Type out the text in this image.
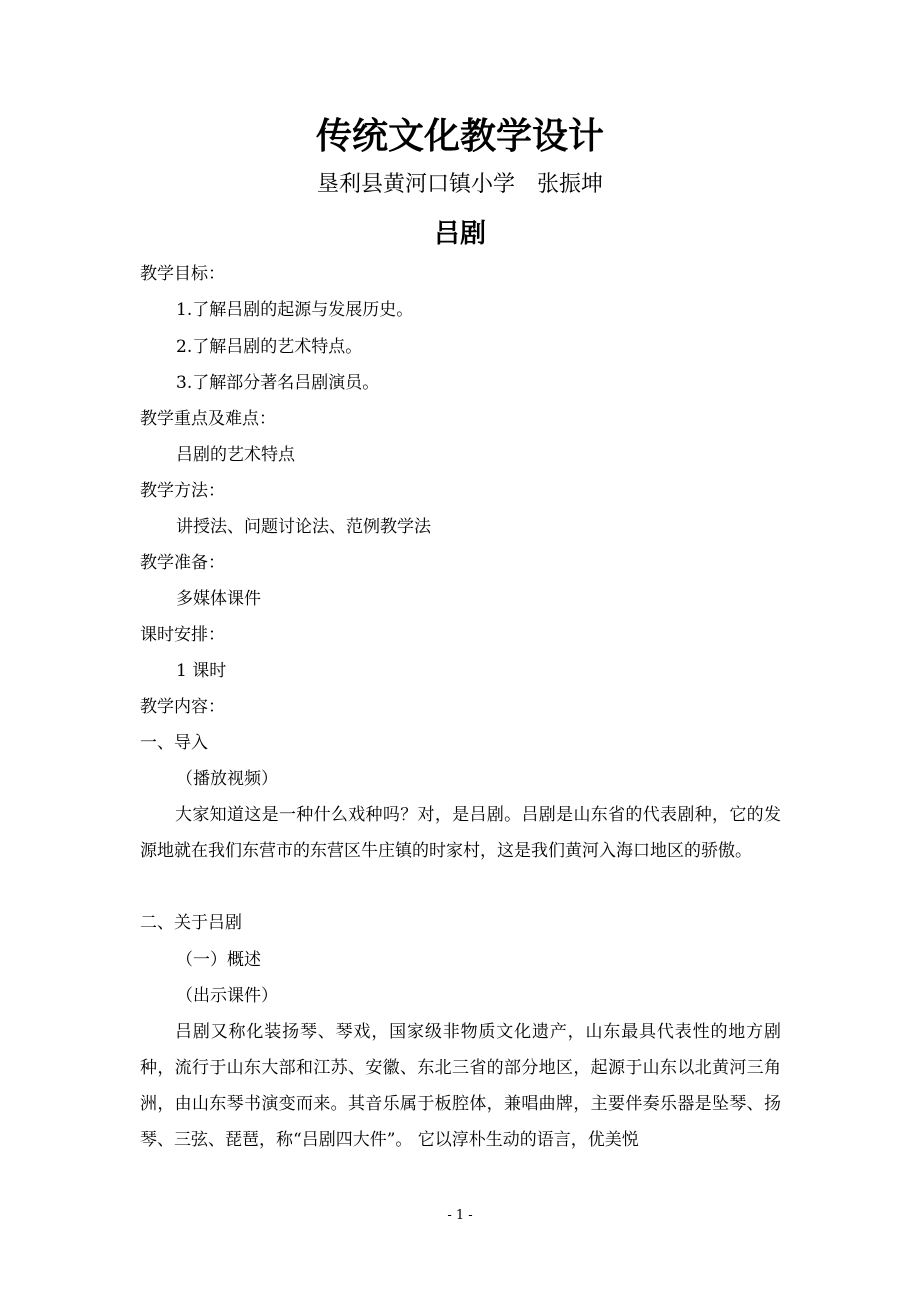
传统文化教学设计
垦利县黄河口镇小学　张振坤
吕剧
教学目标：
1.了解吕剧的起源与发展历史。
2.了解吕剧的艺术特点。
3.了解部分著名吕剧演员。
教学重点及难点：
吕剧的艺术特点
教学方法：
讲授法、问题讨论法、范例教学法
教学准备：
多媒体课件
课时安排：
1 课时
教学内容：
一、导入
（播放视频）
大家知道这是一种什么戏种吗？对，是吕剧。吕剧是山东省的代表剧种，它的发源地就在我们东营市的东营区牛庄镇的时家村，这是我们黄河入海口地区的骄傲。
二、关于吕剧
（一）概述
（出示课件）
吕剧又称化装扬琴、琴戏，国家级非物质文化遗产，山东最具代表性的地方剧种，流行于山东大部和江苏、安徽、东北三省的部分地区，起源于山东以北黄河三角洲，由山东琴书演变而来。其音乐属于板腔体，兼唱曲牌，主要伴奏乐器是坠琴、扬琴、三弦、琵琶，称“吕剧四大件”。 它以淳朴生动的语言，优美悦
- 1 -
